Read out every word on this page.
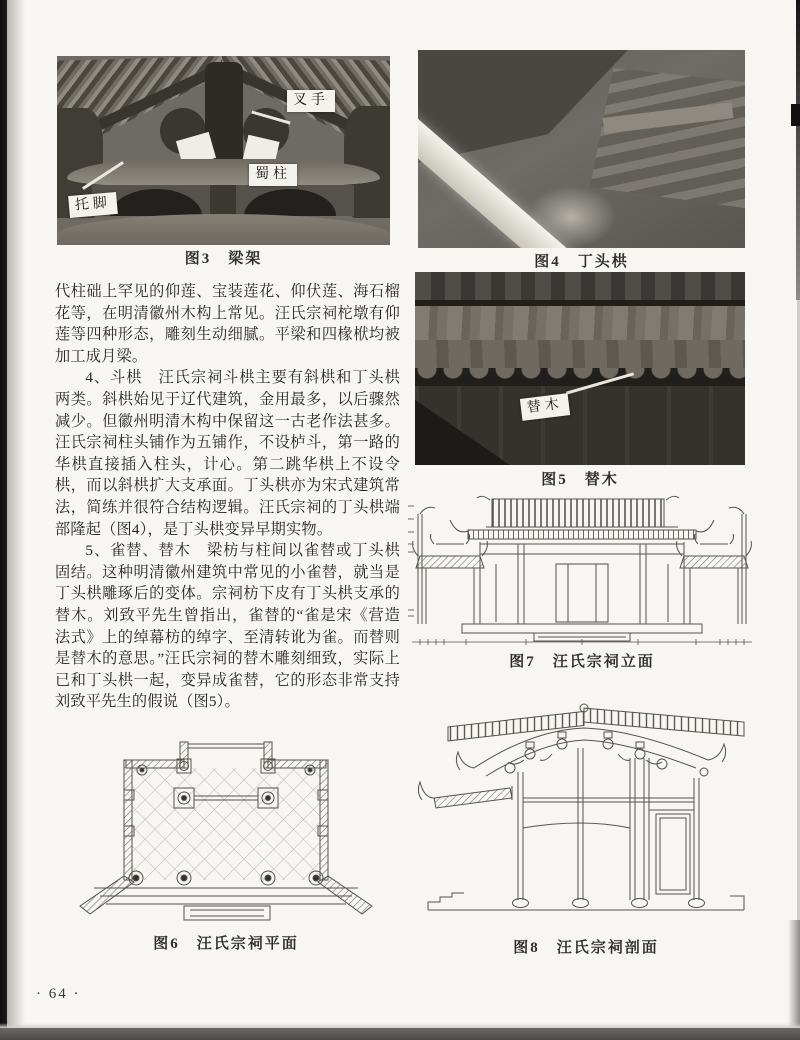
叉手
蜀柱
托脚
图3　梁架	图4　丁头栱
替木
图5　替木
图7　汪氏宗祠立面
图6　汪氏宗祠平面	图8　汪氏宗祠剖面

代柱础上罕见的仰莲、宝装莲花、仰伏莲、海石榴花等，在明清徽州木构上常见。汪氏宗祠柁墩有仰莲等四种形态，雕刻生动细腻。平梁和四椽栿均被加工成月梁。

4、斗栱　汪氏宗祠斗栱主要有斜栱和丁头栱两类。斜栱始见于辽代建筑，金用最多，以后骤然减少。但徽州明清木构中保留这一古老作法甚多。汪氏宗祠柱头铺作为五铺作，不设栌斗，第一路的华栱直接插入柱头，计心。第二跳华栱上不设令栱，而以斜栱扩大支承面。丁头栱亦为宋式建筑常法，简练并很符合结构逻辑。汪氏宗祠的丁头栱端部隆起（图4），是丁头栱变异早期实物。

5、雀替、替木　梁枋与柱间以雀替或丁头栱固结。这种明清徽州建筑中常见的小雀替，就当是丁头栱雕琢后的变体。宗祠枋下皮有丁头栱支承的替木。刘致平先生曾指出，雀替的“雀是宋《营造法式》上的绰幕枋的绰字、至清转讹为雀。而替则是替木的意思。”汪氏宗祠的替木雕刻细致，实际上已和丁头栱一起，变异成雀替，它的形态非常支持刘致平先生的假说（图5）。

· 64 ·
